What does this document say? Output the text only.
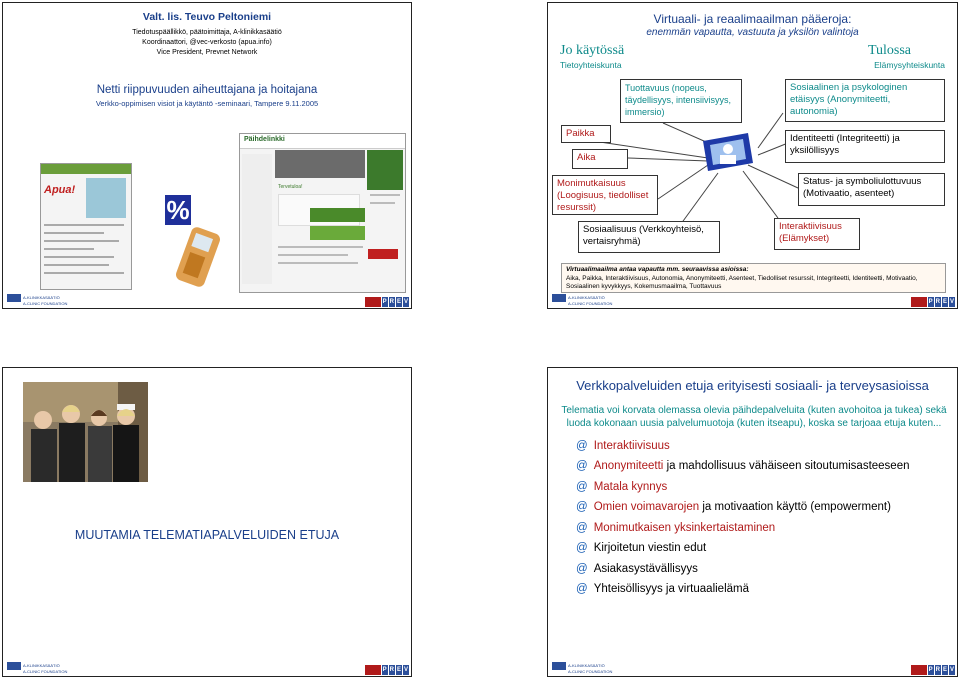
Valt. lis. Teuvo Peltoniemi
Tiedotuspäällikkö, päätoimittaja, A-klinikkasäätiö
Koordinaattori, @vec-verkosto (apua.info)
Vice President, Prevnet Network
Netti riippuvuuden aiheuttajana ja hoitajana
Verkko-oppimisen visiot ja käytäntö -seminaari, Tampere 9.11.2005
Apua!
%
Päihdelinkki
Tervetuloa!
A-KLINIKKASÄÄTIÖ
A-CLINIC FOUNDATION	P R E V
Virtuaali- ja reaalimaailman pääeroja:
enemmän vapautta, vastuuta ja yksilön valintoja
Jo käytössä
Tietoyhteiskunta
Tulossa
Elämysyhteiskunta
Tuottavuus (nopeus, täydellisyys, intensiivisyys, immersio)
Sosiaalinen ja psykologinen etäisyys (Anonymiteetti, autonomia)
Paikka
Aika
Identiteetti (Integriteetti) ja yksilöllisyys
Monimutkaisuus (Loogisuus, tiedolliset resurssit)
Status- ja symboliulottuvuus (Motivaatio, asenteet)
Sosiaalisuus (Verkkoyhteisö, vertaisryhmä)
Interaktiivisuus (Elämykset)
Virtuaalimaailma antaa vapautta mm. seuraavissa asioissa:
Aika, Paikka, Interaktiivisuus, Autonomia, Anonymiteetti, Asenteet, Tiedolliset resurssit, Integriteetti, Identiteetti, Motivaatio, Sosiaalinen kyvykkyys, Kokemusmaailma, Tuottavuus
A-KLINIKKASÄÄTIÖ
A-CLINIC FOUNDATION	P R E V
MUUTAMIA TELEMATIAPALVELUIDEN ETUJA
A-KLINIKKASÄÄTIÖ
A-CLINIC FOUNDATION	P R E V
Verkkopalveluiden etuja erityisesti sosiaali- ja terveysasioissa
Telematia voi korvata olemassa olevia päihdepalveluita (kuten avohoitoa ja tukea) sekä luoda kokonaan uusia palvelumuotoja (kuten itseapu), koska se tarjoaa etuja kuten...
@ Interaktiivisuus
@ Anonymiteetti ja mahdollisuus vähäiseen sitoutumisasteeseen
@ Matala kynnys
@ Omien voimavarojen ja motivaation käyttö (empowerment)
@ Monimutkaisen yksinkertaistaminen
@ Kirjoitetun viestin edut
@ Asiakasystävällisyys
@ Yhteisöllisyys ja virtuaalielämä
A-KLINIKKASÄÄTIÖ
A-CLINIC FOUNDATION	P R E V
